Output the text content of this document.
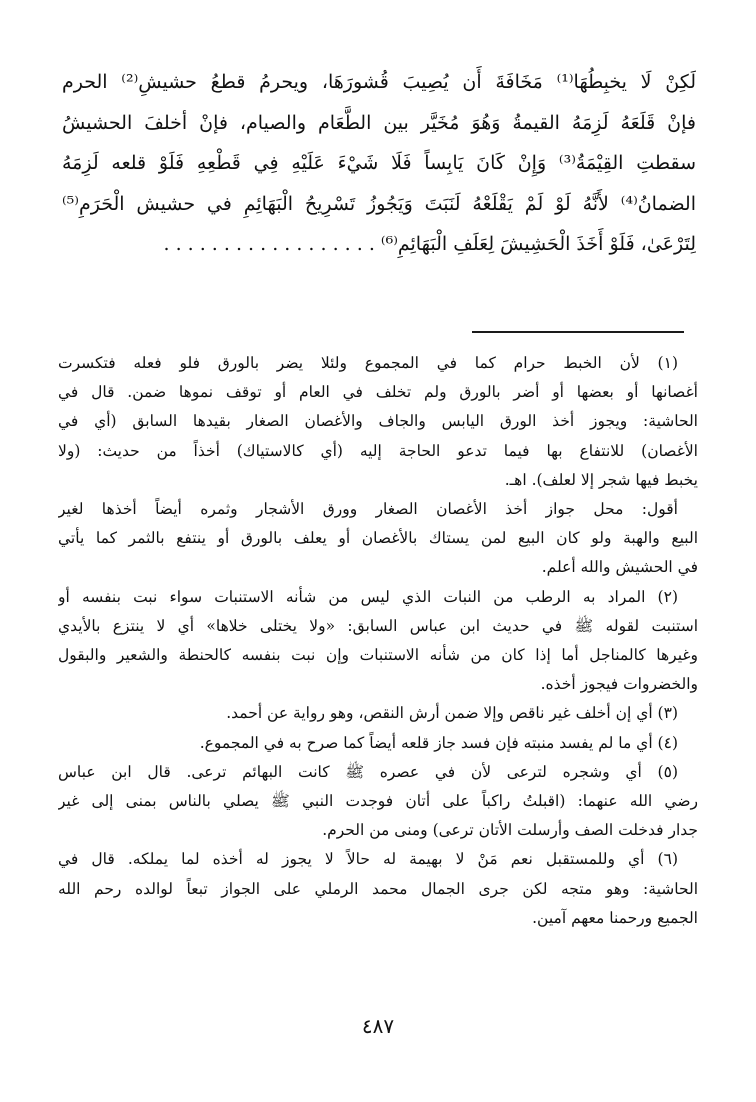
لَكِنْ لَا يخبِطُهَا⁽¹⁾ مَخَافَةَ أَن يُصِيبَ قُشورَهَا، ويحرمُ قطعُ حشيشِ⁽²⁾ الحرم
فإنْ قَلَعَهُ لَزِمَهُ القيمةُ وَهُوَ مُخَيَّر بين الطَّعَام والصيام، فإنْ أخلفَ الحشيشُ
سقطتِ القِيْمَةُ⁽³⁾ وَإِنْ كَانَ يَابِساً فَلَا شَيْءَ عَلَيْهِ فِي قَطْعِهِ فَلَوْ قلعه لَزِمَهُ
الضمانُ⁽⁴⁾ لأَنَّهُ لَوْ لَمْ يَقْلَعْهُ لَنَبَتَ وَيَجُوزُ تَسْرِيحُ الْبَهَائِمِ في حشيش الْحَرَمِ⁽⁵⁾
لِتَرْعَىٰ، فَلَوْ أَخَذَ الْحَشِيشَ لِعَلَفِ الْبَهَائِمِ⁽⁶⁾ . . . . . . . . . . . . . . . . . .
(١) لأن الخبط حرام كما في المجموع ولئلا يضر بالورق فلو فعله فتكسرت
أغصانها أو بعضها أو أضر بالورق ولم تخلف في العام أو توقف نموها ضمن. قال في
الحاشية: ويجوز أخذ الورق اليابس والجاف والأغصان الصغار بقيدها السابق (أي في
الأغصان) للانتفاع بها فيما تدعو الحاجة إليه (أي كالاستياك) أخذاً من حديث: (ولا
يخبط فيها شجر إلا لعلف). اهـ.
أقول: محل جواز أخذ الأغصان الصغار وورق الأشجار وثمره أيضاً أخذها لغير
البيع والهبة ولو كان البيع لمن يستاك بالأغصان أو يعلف بالورق أو ينتفع بالثمر كما يأتي
في الحشيش والله أعلم.
(٢) المراد به الرطب من النبات الذي ليس من شأنه الاستنبات سواء نبت بنفسه أو
استنبت لقوله ﷺ في حديث ابن عباس السابق: «ولا يختلى خلاها» أي لا ينتزع بالأيدي
وغيرها كالمناجل أما إذا كان من شأنه الاستنبات وإن نبت بنفسه كالحنطة والشعير والبقول
والخضروات فيجوز أخذه.
(٣) أي إن أخلف غير ناقص وإلا ضمن أرش النقص، وهو رواية عن أحمد.
(٤) أي ما لم يفسد منبته فإن فسد جاز قلعه أيضاً كما صرح به في المجموع.
(٥) أي وشجره لترعى لأن في عصره ﷺ كانت البهائم ترعى. قال ابن عباس
رضي الله عنهما: (اقبلتُ راكباً على أتان فوجدت النبي ﷺ يصلي بالناس بمنى إلى غير
جدار فدخلت الصف وأرسلت الأتان ترعى) ومنى من الحرم.
(٦) أي وللمستقبل نعم مَنْ لا بهيمة له حالاً لا يجوز له أخذه لما يملكه. قال في
الحاشية: وهو متجه لكن جرى الجمال محمد الرملي على الجواز تبعاً لوالده رحم الله
الجميع ورحمنا معهم آمين.
٤٨٧
